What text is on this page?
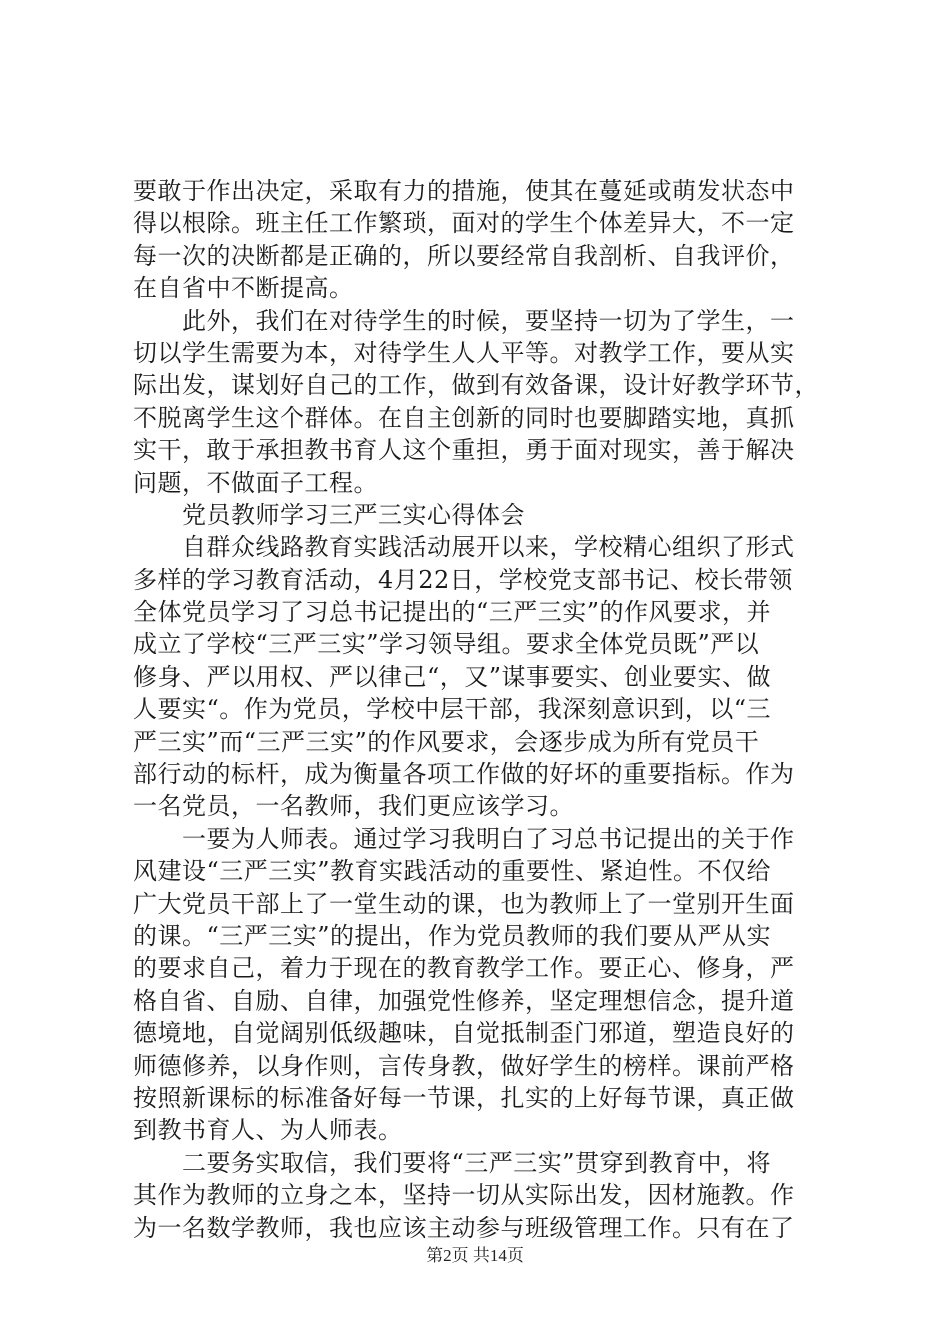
要敢于作出决定，采取有力的措施，使其在蔓延或萌发状态中
得以根除。班主任工作繁琐，面对的学生个体差异大，不一定
每一次的决断都是正确的，所以要经常自我剖析、自我评价，
在自省中不断提高。
　　此外，我们在对待学生的时候，要坚持一切为了学生，一
切以学生需要为本，对待学生人人平等。对教学工作，要从实
际出发，谋划好自己的工作，做到有效备课，设计好教学环节，
不脱离学生这个群体。在自主创新的同时也要脚踏实地，真抓
实干，敢于承担教书育人这个重担，勇于面对现实，善于解决
问题，不做面子工程。
　　党员教师学习三严三实心得体会
　　自群众线路教育实践活动展开以来，学校精心组织了形式
多样的学习教育活动，4月22日，学校党支部书记、校长带领
全体党员学习了习总书记提出的“三严三实”的作风要求，并
成立了学校“三严三实”学习领导组。要求全体党员既”严以
修身、严以用权、严以律己“，又”谋事要实、创业要实、做
人要实“。作为党员，学校中层干部，我深刻意识到，以“三
严三实”而“三严三实”的作风要求，会逐步成为所有党员干
部行动的标杆，成为衡量各项工作做的好坏的重要指标。作为
一名党员，一名教师，我们更应该学习。
　　一要为人师表。通过学习我明白了习总书记提出的关于作
风建设“三严三实”教育实践活动的重要性、紧迫性。不仅给
广大党员干部上了一堂生动的课，也为教师上了一堂别开生面
的课。“三严三实”的提出，作为党员教师的我们要从严从实
的要求自己，着力于现在的教育教学工作。要正心、修身，严
格自省、自励、自律，加强党性修养，坚定理想信念，提升道
德境地，自觉阔别低级趣味，自觉抵制歪门邪道，塑造良好的
师德修养，以身作则，言传身教，做好学生的榜样。课前严格
按照新课标的标准备好每一节课，扎实的上好每节课，真正做
到教书育人、为人师表。
　　二要务实取信，我们要将“三严三实”贯穿到教育中，将
其作为教师的立身之本，坚持一切从实际出发，因材施教。作
为一名数学教师，我也应该主动参与班级管理工作。只有在了
第2页 共14页
